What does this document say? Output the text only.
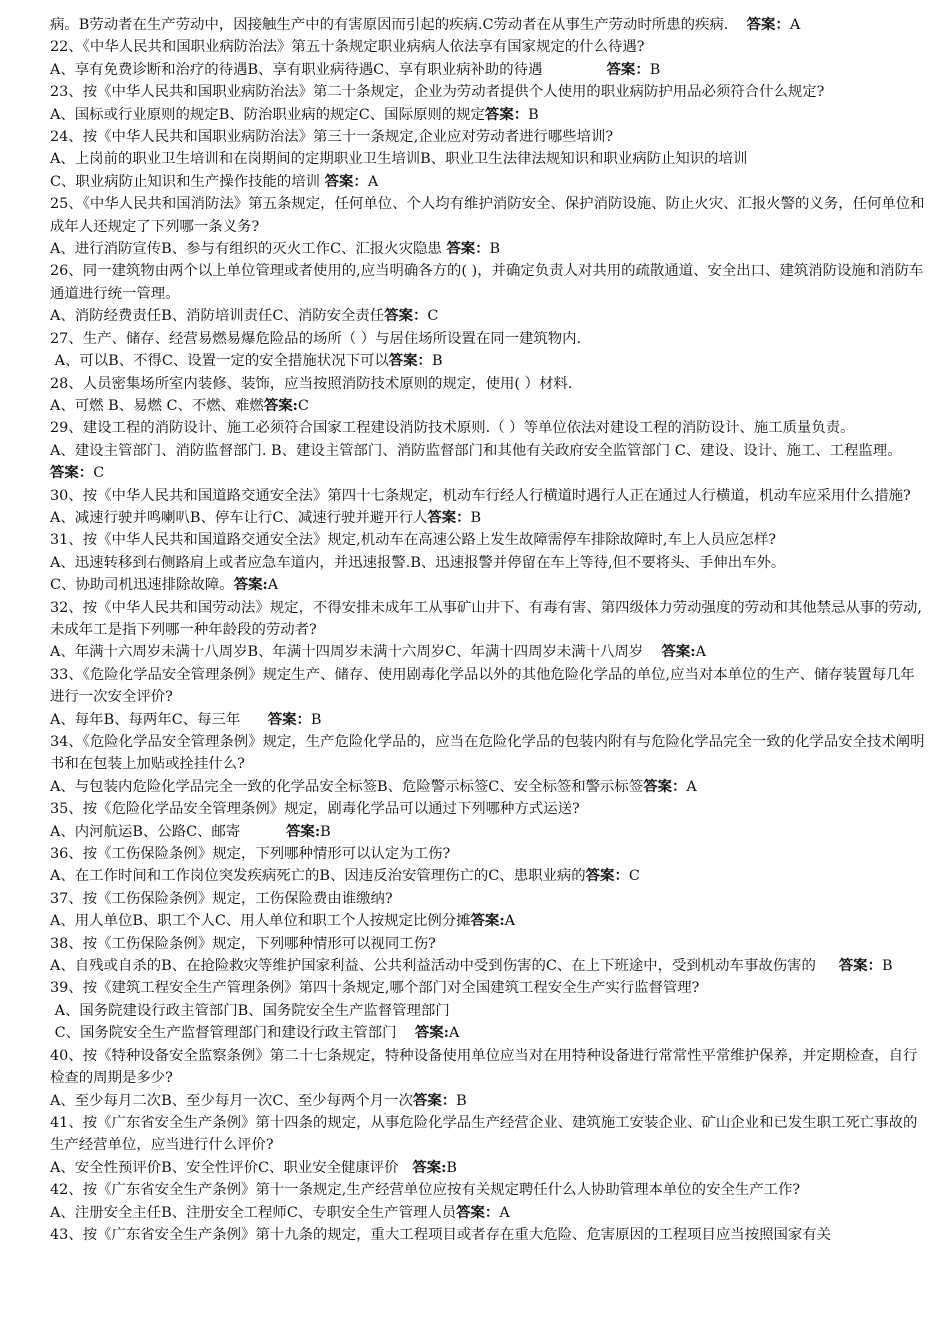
病。B劳动者在生产劳动中，因接触生产中的有害原因而引起的疾病.C劳动者在从事生产劳动时所患的疾病.    答案：A

22、《中华人民共和国职业病防治法》第五十条规定职业病病人依法享有国家规定的什么待遇?

A、享有免费诊断和治疗的待遇B、享有职业病待遇C、享有职业病补助的待遇              答案：B

23、按《中华人民共和国职业病防治法》第二十条规定，企业为劳动者提供个人使用的职业病防护用品必须符合什么规定?

A、国标或行业原则的规定B、防治职业病的规定C、国际原则的规定答案：B

24、按《中华人民共和国职业病防治法》第三十一条规定,企业应对劳动者进行哪些培训?

A、上岗前的职业卫生培训和在岗期间的定期职业卫生培训B、职业卫生法律法规知识和职业病防止知识的培训

C、职业病防止知识和生产操作技能的培训 答案：A

25、《中华人民共和国消防法》第五条规定，任何单位、个人均有维护消防安全、保护消防设施、防止火灾、汇报火警的义务，任何单位和成年人还规定了下列哪一条义务?

A、进行消防宣传B、参与有组织的灭火工作C、汇报火灾隐患 答案：B

26、同一建筑物由两个以上单位管理或者使用的,应当明确各方的( )，并确定负责人对共用的疏散通道、安全出口、建筑消防设施和消防车通道进行统一管理。

A、消防经费责任B、消防培训责任C、消防安全责任答案：C

27、生产、储存、经营易燃易爆危险品的场所（ ）与居住场所设置在同一建筑物内.

A、可以B、不得C、设置一定的安全措施状况下可以答案：B

28、人员密集场所室内装修、装饰，应当按照消防技术原则的规定，使用( ）材料.

A、可燃 B、易燃 C、不燃、难燃答案:C

29、建设工程的消防设计、施工必须符合国家工程建设消防技术原则.（ ）等单位依法对建设工程的消防设计、施工质量负责。

A、建设主管部门、消防监督部门. B、建设主管部门、消防监督部门和其他有关政府安全监管部门 C、建设、设计、施工、工程监理。       答案：C

30、按《中华人民共和国道路交通安全法》第四十七条规定，机动车行经人行横道时遇行人正在通过人行横道，机动车应采用什么措施?

A、减速行驶并鸣喇叭B、停车让行C、减速行驶并避开行人答案：B

31、按《中华人民共和国道路交通安全法》规定,机动车在高速公路上发生故障需停车排除故障时,车上人员应怎样?

A、迅速转移到右侧路肩上或者应急车道内，并迅速报警.B、迅速报警并停留在车上等待,但不要将头、手伸出车外。

C、协助司机迅速排除故障。答案:A

32、按《中华人民共和国劳动法》规定，不得安排未成年工从事矿山井下、有毒有害、第四级体力劳动强度的劳动和其他禁忌从事的劳动,未成年工是指下列哪一种年龄段的劳动者?

A、年满十六周岁未满十八周岁B、年满十四周岁未满十六周岁C、年满十四周岁未满十八周岁    答案:A

33、《危险化学品安全管理条例》规定生产、储存、使用剧毒化学品以外的其他危险化学品的单位,应当对本单位的生产、储存装置每几年进行一次安全评价?

A、每年B、每两年C、每三年      答案：B

34、《危险化学品安全管理条例》规定，生产危险化学品的，应当在危险化学品的包装内附有与危险化学品完全一致的化学品安全技术阐明书和在包装上加贴或拴挂什么?

A、与包装内危险化学品完全一致的化学品安全标签B、危险警示标签C、安全标签和警示标签答案：A

35、按《危险化学品安全管理条例》规定，剧毒化学品可以通过下列哪种方式运送?

A、内河航运B、公路C、邮寄          答案:B

36、按《工伤保险条例》规定，下列哪种情形可以认定为工伤?

A、在工作时间和工作岗位突发疾病死亡的B、因违反治安管理伤亡的C、患职业病的答案：C

37、按《工伤保险条例》规定，工伤保险费由谁缴纳?

A、用人单位B、职工个人C、用人单位和职工个人按规定比例分摊答案:A

38、按《工伤保险条例》规定，下列哪种情形可以视同工伤?

A、自残或自杀的B、在抢险救灾等维护国家利益、公共利益活动中受到伤害的C、在上下班途中，受到机动车事故伤害的     答案：B

39、按《建筑工程安全生产管理条例》第四十条规定,哪个部门对全国建筑工程安全生产实行监督管理?

A、国务院建设行政主管部门B、国务院安全生产监督管理部门

C、国务院安全生产监督管理部门和建设行政主管部门    答案:A

40、按《特种设备安全监察条例》第二十七条规定，特种设备使用单位应当对在用特种设备进行常常性平常维护保养，并定期检查，自行检查的周期是多少?

A、至少每月二次B、至少每月一次C、至少每两个月一次答案：B

41、按《广东省安全生产条例》第十四条的规定，从事危险化学品生产经营企业、建筑施工安装企业、矿山企业和已发生职工死亡事故的生产经营单位，应当进行什么评价?

A、安全性预评价B、安全性评价C、职业安全健康评价   答案:B

42、按《广东省安全生产条例》第十一条规定,生产经营单位应按有关规定聘任什么人协助管理本单位的安全生产工作?

A、注册安全主任B、注册安全工程师C、专职安全生产管理人员答案：A

43、按《广东省安全生产条例》第十九条的规定，重大工程项目或者存在重大危险、危害原因的工程项目应当按照国家有关
